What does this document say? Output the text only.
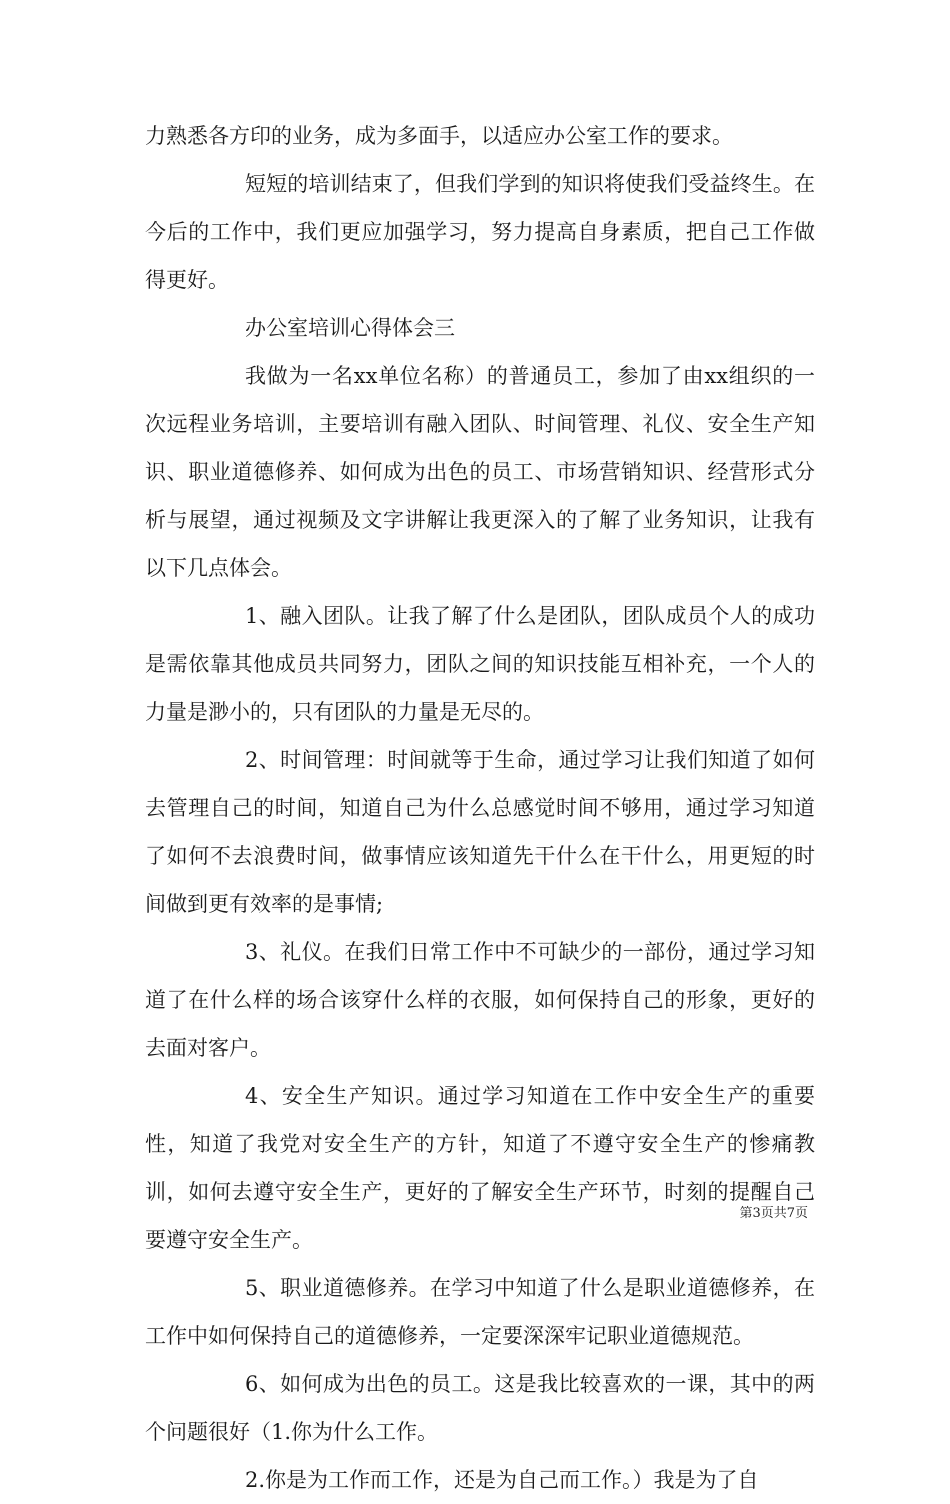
力熟悉各方印的业务，成为多面手，以适应办公室工作的要求。

短短的培训结束了，但我们学到的知识将使我们受益终生。在今后的工作中，我们更应加强学习，努力提高自身素质，把自己工作做得更好。

办公室培训心得体会三

我做为一名xx单位名称）的普通员工，参加了由xx组织的一次远程业务培训，主要培训有融入团队、时间管理、礼仪、安全生产知识、职业道德修养、如何成为出色的员工、市场营销知识、经营形式分析与展望，通过视频及文字讲解让我更深入的了解了业务知识，让我有以下几点体会。

1、融入团队。让我了解了什么是团队，团队成员个人的成功是需依靠其他成员共同努力，团队之间的知识技能互相补充，一个人的力量是渺小的，只有团队的力量是无尽的。

2、时间管理：时间就等于生命，通过学习让我们知道了如何去管理自己的时间，知道自己为什么总感觉时间不够用，通过学习知道了如何不去浪费时间，做事情应该知道先干什么在干什么，用更短的时间做到更有效率的是事情;

3、礼仪。在我们日常工作中不可缺少的一部份，通过学习知道了在什么样的场合该穿什么样的衣服，如何保持自己的形象，更好的去面对客户。

4、安全生产知识。通过学习知道在工作中安全生产的重要性，知道了我党对安全生产的方针，知道了不遵守安全生产的惨痛教训，如何去遵守安全生产，更好的了解安全生产环节，时刻的提醒自己要遵守安全生产。

5、职业道德修养。在学习中知道了什么是职业道德修养，在工作中如何保持自己的道德修养，一定要深深牢记职业道德规范。

6、如何成为出色的员工。这是我比较喜欢的一课，其中的两个问题很好（1.你为什么工作。

2.你是为工作而工作，还是为自己而工作。）我是为了自

第3页共7页
